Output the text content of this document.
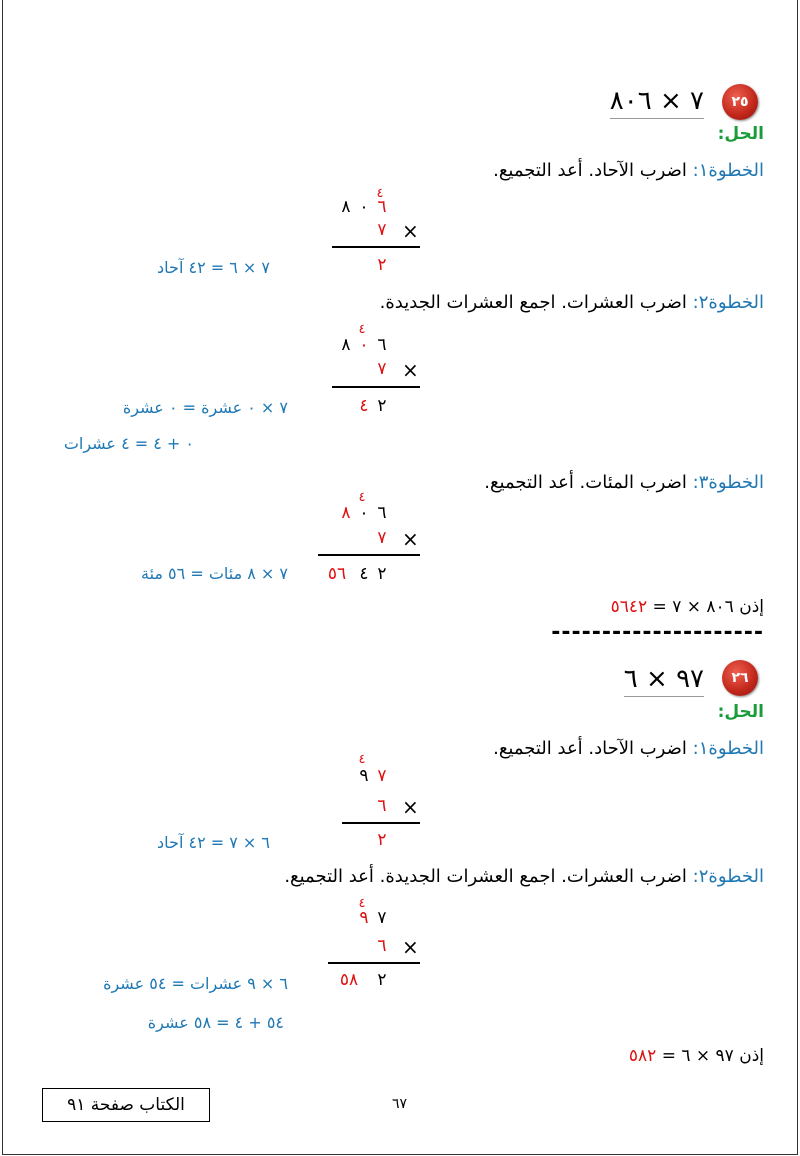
٢٥
٧ × ٨٠٦
الحل:
الخطوة١: اضرب الآحاد. أعد التجميع.
٤
٨ ٠ ٦
٧ ×
٢
٧ × ٦ = ٤٢ آحاد
الخطوة٢: اضرب العشرات. اجمع العشرات الجديدة.
٤
٨ ٠ ٦
٧ ×
٤ ٢
٧ × ٠ عشرة = ٠ عشرة
٠ + ٤ = ٤ عشرات
الخطوة٣: اضرب المئات. أعد التجميع.
٤
٨ ٠ ٦
٧ ×
٥٦ ٤ ٢
٧ × ٨ مئات = ٥٦ مئة
إذن ٨٠٦ × ٧ = ٥٦٤٢
---------------------
٢٦
٩٧ × ٦
الحل:
الخطوة١: اضرب الآحاد. أعد التجميع.
٤
٩ ٧
٦ ×
٢
٦ × ٧ = ٤٢ آحاد
الخطوة٢: اضرب العشرات. اجمع العشرات الجديدة. أعد التجميع.
٤
٩ ٧
٦ ×
٥٨	٢
٦ × ٩ عشرات = ٥٤ عشرة
٥٤ + ٤ = ٥٨ عشرة
إذن ٩٧ × ٦ = ٥٨٢
الكتاب صفحة ٩١	٦٧
